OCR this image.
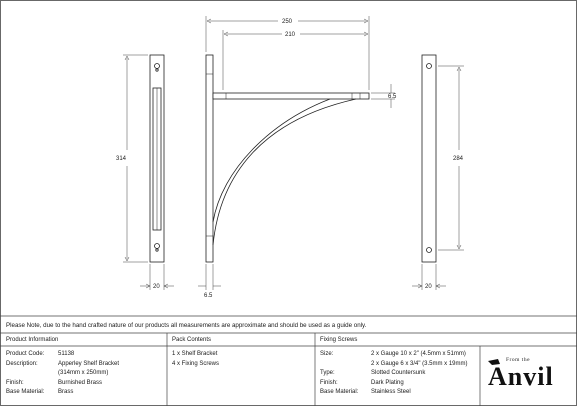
314
20
250
210
6.5
6.5
284
20
Please Note, due to the hand crafted nature of our products all measurements are approximate and should be used as a guide only.
Product Information	Pack Contents	Fixing Screws
Product Code: 51138
Description:	Apperley Shelf Bracket
(314mm x 250mm)
Finish:	Burnished Brass
Base Material: Brass
1 x Shelf Bracket
4 x Fixing Screws
Size:	2 x Gauge 10 x 2" (4.5mm x 51mm)
2 x Gauge 6 x 3/4" (3.5mm x 19mm)
Type:	Slotted Countersunk
Finish:	Dark Plating
Base Material: Stainless Steel
From the
Anvil
